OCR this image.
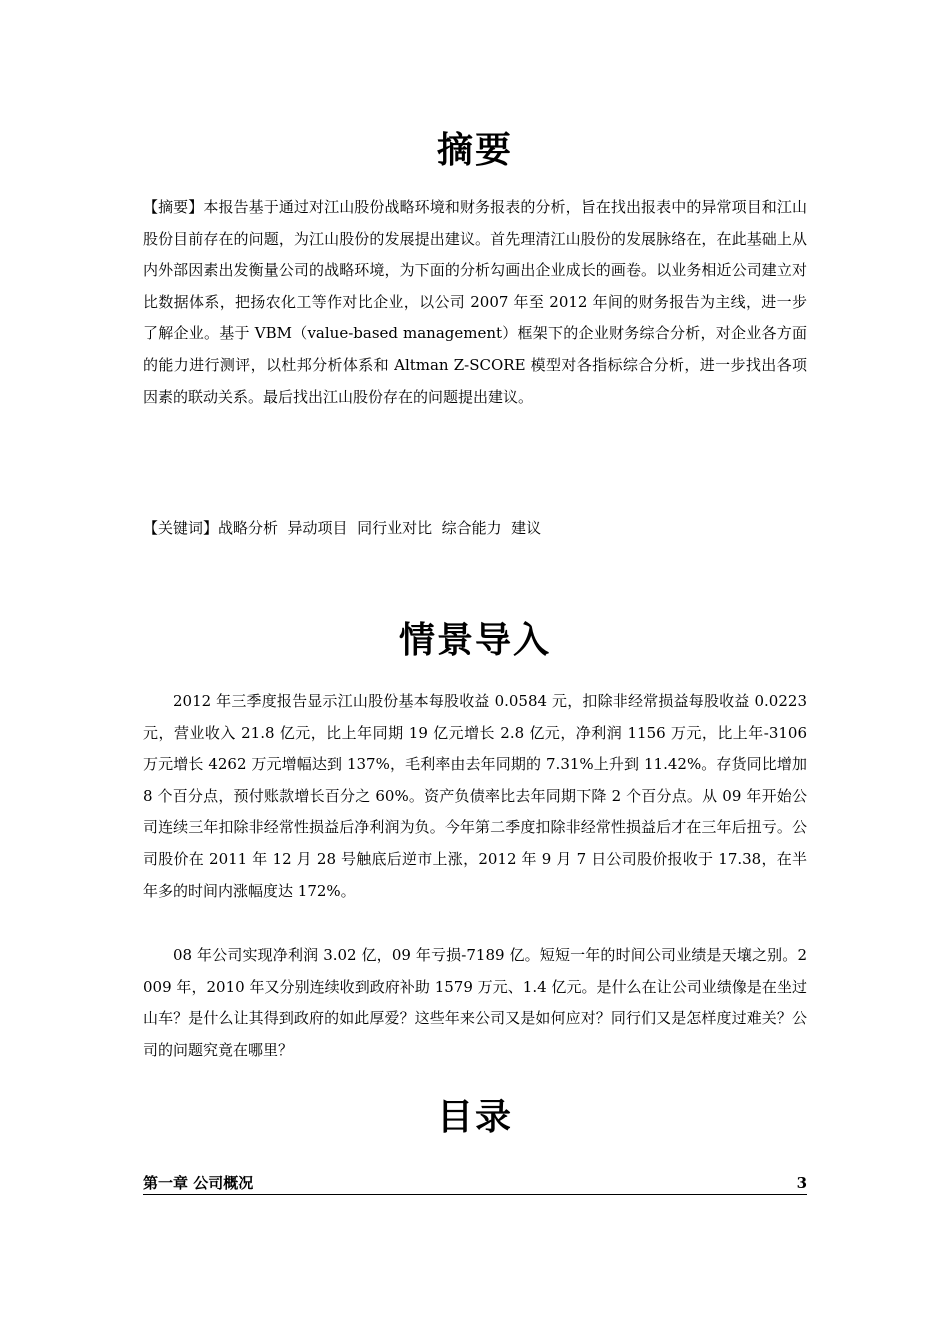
摘要
【摘要】本报告基于通过对江山股份战略环境和财务报表的分析，旨在找出报表中的异常项目和江山股份目前存在的问题，为江山股份的发展提出建议。首先理清江山股份的发展脉络在，在此基础上从内外部因素出发衡量公司的战略环境，为下面的分析勾画出企业成长的画卷。以业务相近公司建立对比数据体系，把扬农化工等作对比企业，以公司 2007 年至 2012 年间的财务报告为主线，进一步了解企业。基于 VBM（value-based management）框架下的企业财务综合分析，对企业各方面的能力进行测评，以杜邦分析体系和 Altman Z-SCORE 模型对各指标综合分析，进一步找出各项因素的联动关系。最后找出江山股份存在的问题提出建议。
【关键词】战略分析  异动项目  同行业对比  综合能力  建议
情景导入
2012 年三季度报告显示江山股份基本每股收益 0.0584 元，扣除非经常损益每股收益 0.0223 元，营业收入 21.8 亿元，比上年同期 19 亿元增长 2.8 亿元，净利润 1156 万元，比上年-3106 万元增长 4262 万元增幅达到 137%，毛利率由去年同期的 7.31%上升到 11.42%。存货同比增加 8 个百分点，预付账款增长百分之 60%。资产负债率比去年同期下降 2 个百分点。从 09 年开始公司连续三年扣除非经常性损益后净利润为负。今年第二季度扣除非经常性损益后才在三年后扭亏。公司股价在 2011 年 12 月 28 号触底后逆市上涨，2012 年 9 月 7 日公司股价报收于 17.38，在半年多的时间内涨幅度达 172%。
08 年公司实现净利润 3.02 亿，09 年亏损-7189 亿。短短一年的时间公司业绩是天壤之别。2009 年，2010 年又分别连续收到政府补助 1579 万元、1.4 亿元。是什么在让公司业绩像是在坐过山车？是什么让其得到政府的如此厚爱？这些年来公司又是如何应对？同行们又是怎样度过难关？公司的问题究竟在哪里？
目录
第一章 公司概况	3
